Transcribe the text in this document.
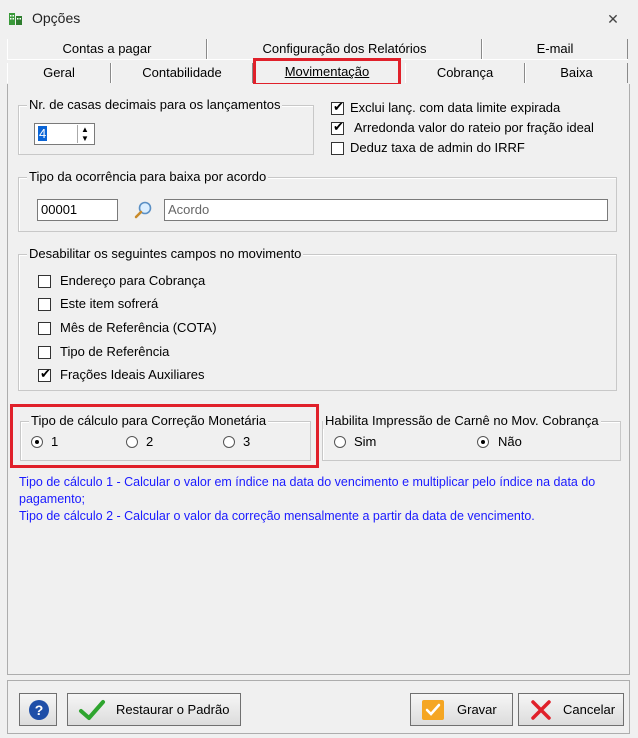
Opções	✕
Contas a pagar	Configuração dos Relatórios	E-mail
Geral	Contabilidade	Movimentação	Cobrança	Baixa
Nr. de casas decimais para os lançamentos
4	▲
▼
✔ Exclui lanç. com data limite expirada
✔ Arredonda valor do rateio por fração ideal
Deduz taxa de admin do IRRF
Tipo da ocorrência para baixa por acordo
00001	Acordo
Desabilitar os seguintes campos no movimento
Endereço para Cobrança
Este item sofrerá
Mês de Referência (COTA)
Tipo de Referência
✔ Frações Ideais Auxiliares
Tipo de cálculo para Correção Monetária
1	2	3
Habilita Impressão de Carnê no Mov. Cobrança
Sim	Não
Tipo de cálculo 1 - Calcular o valor em índice na data do vencimento e multiplicar pelo índice na data do pagamento;
Tipo de cálculo 2 - Calcular o valor da correção mensalmente a partir da data de vencimento.
?	Restaurar o Padrão	Gravar	Cancelar
